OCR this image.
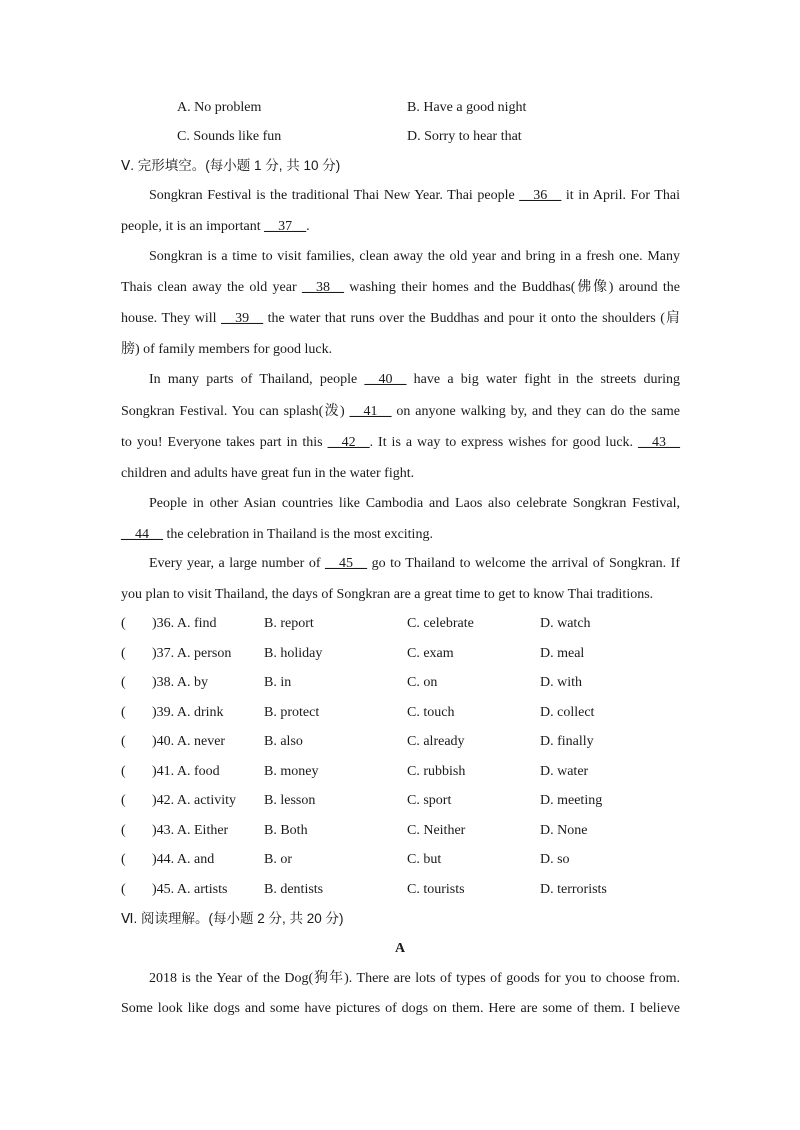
A. No problem	B. Have a good night
C. Sounds like fun	D. Sorry to hear that
Ⅴ. 完形填空。(每小题 1 分, 共 10 分)
Songkran Festival is the traditional Thai New Year. Thai people __36__ it in April. For Thai
people, it is an important __37__.
Songkran is a time to visit families, clean away the old year and bring in a fresh one. Many
Thais clean away the old year __38__ washing their homes and the Buddhas(佛像) around the
house. They will __39__ the water that runs over the Buddhas and pour it onto the shoulders (肩
膀) of family members for good luck.
In many parts of Thailand, people __40__ have a big water fight in the streets during
Songkran Festival. You can splash(泼) __41__ on anyone walking by, and they can do the same
to you! Everyone takes part in this __42__. It is a way to express wishes for good luck. __43__
children and adults have great fun in the water fight.
People in other Asian countries like Cambodia and Laos also celebrate Songkran Festival,
__44__ the celebration in Thailand is the most exciting.
Every year, a large number of __45__ go to Thailand to welcome the arrival of Songkran. If
you plan to visit Thailand, the days of Songkran are a great time to get to know Thai traditions.
( )36. A. find	B. report	C. celebrate	D. watch
( )37. A. person B. holiday	C. exam	D. meal
( )38. A. by	B. in	C. on	D. with
( )39. A. drink	B. protect	C. touch	D. collect
( )40. A. never	B. also	C. already	D. finally
( )41. A. food	B. money	C. rubbish	D. water
( )42. A. activity B. lesson	C. sport	D. meeting
( )43. A. Either	B. Both	C. Neither	D. None
( )44. A. and	B. or	C. but	D. so
( )45. A. artists	B. dentists	C. tourists	D. terrorists
Ⅵ. 阅读理解。(每小题 2 分, 共 20 分)
A
2018 is the Year of the Dog(狗年). There are lots of types of goods for you to choose from.
Some look like dogs and some have pictures of dogs on them. Here are some of them. I believe
